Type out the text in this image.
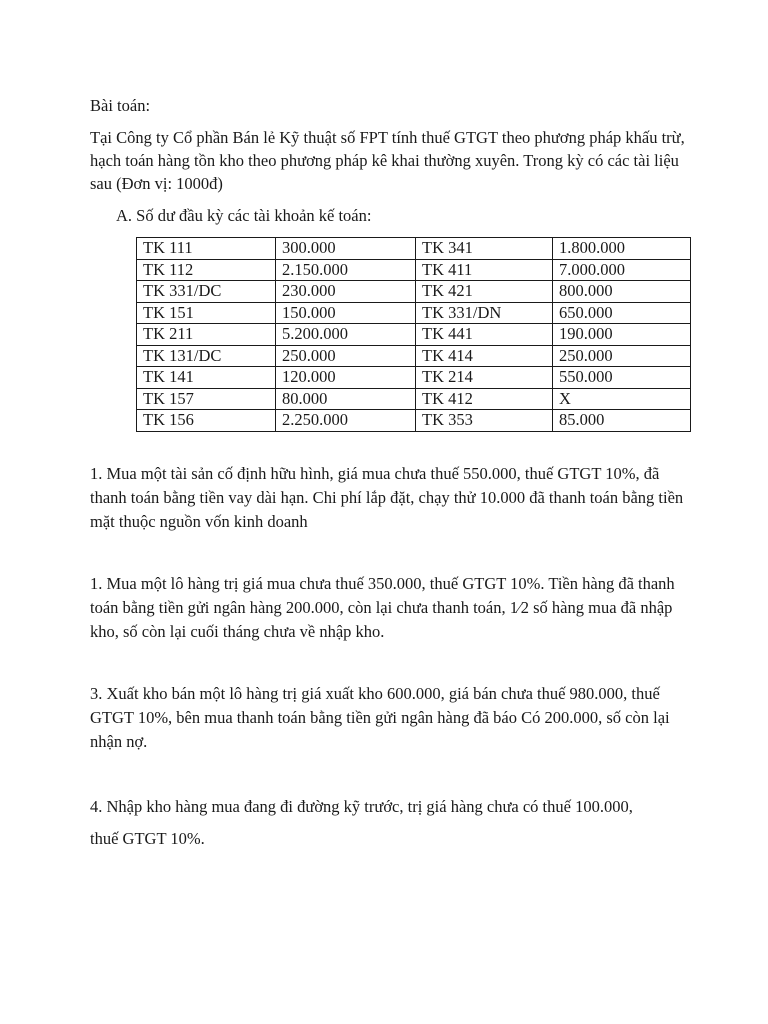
Bài toán:

Tại Công ty Cổ phần Bán lẻ Kỹ thuật số FPT tính thuế GTGT theo phương pháp khấu trừ, hạch toán hàng tồn kho theo phương pháp kê khai thường xuyên. Trong kỳ có các tài liệu sau (Đơn vị: 1000đ)

A. Số dư đầu kỳ các tài khoản kế toán:

TK 111	300.000	TK 341	1.800.000
TK 112	2.150.000	TK 411	7.000.000
TK 331/DC	230.000	TK 421	800.000
TK 151	150.000	TK 331/DN	650.000
TK 211	5.200.000	TK 441	190.000
TK 131/DC	250.000	TK 414	250.000
TK 141	120.000	TK 214	550.000
TK 157	80.000	TK 412	X
TK 156	2.250.000	TK 353	85.000

1. Mua một tài sản cố định hữu hình, giá mua chưa thuế 550.000, thuế GTGT 10%, đã thanh toán bằng tiền vay dài hạn. Chi phí lắp đặt, chạy thử 10.000 đã thanh toán bằng tiền mặt thuộc nguồn vốn kinh doanh

1. Mua một lô hàng trị giá mua chưa thuế 350.000, thuế GTGT 10%. Tiền hàng đã thanh toán bằng tiền gửi ngân hàng 200.000, còn lại chưa thanh toán, 1⁄2 số hàng mua đã nhập kho, số còn lại cuối tháng chưa về nhập kho.

3. Xuất kho bán một lô hàng trị giá xuất kho 600.000, giá bán chưa thuế 980.000, thuế GTGT 10%, bên mua thanh toán bằng tiền gửi ngân hàng đã báo Có 200.000, số còn lại nhận nợ.

4. Nhập kho hàng mua đang đi đường kỹ trước, trị giá hàng chưa có thuế 100.000,

thuế GTGT 10%.
